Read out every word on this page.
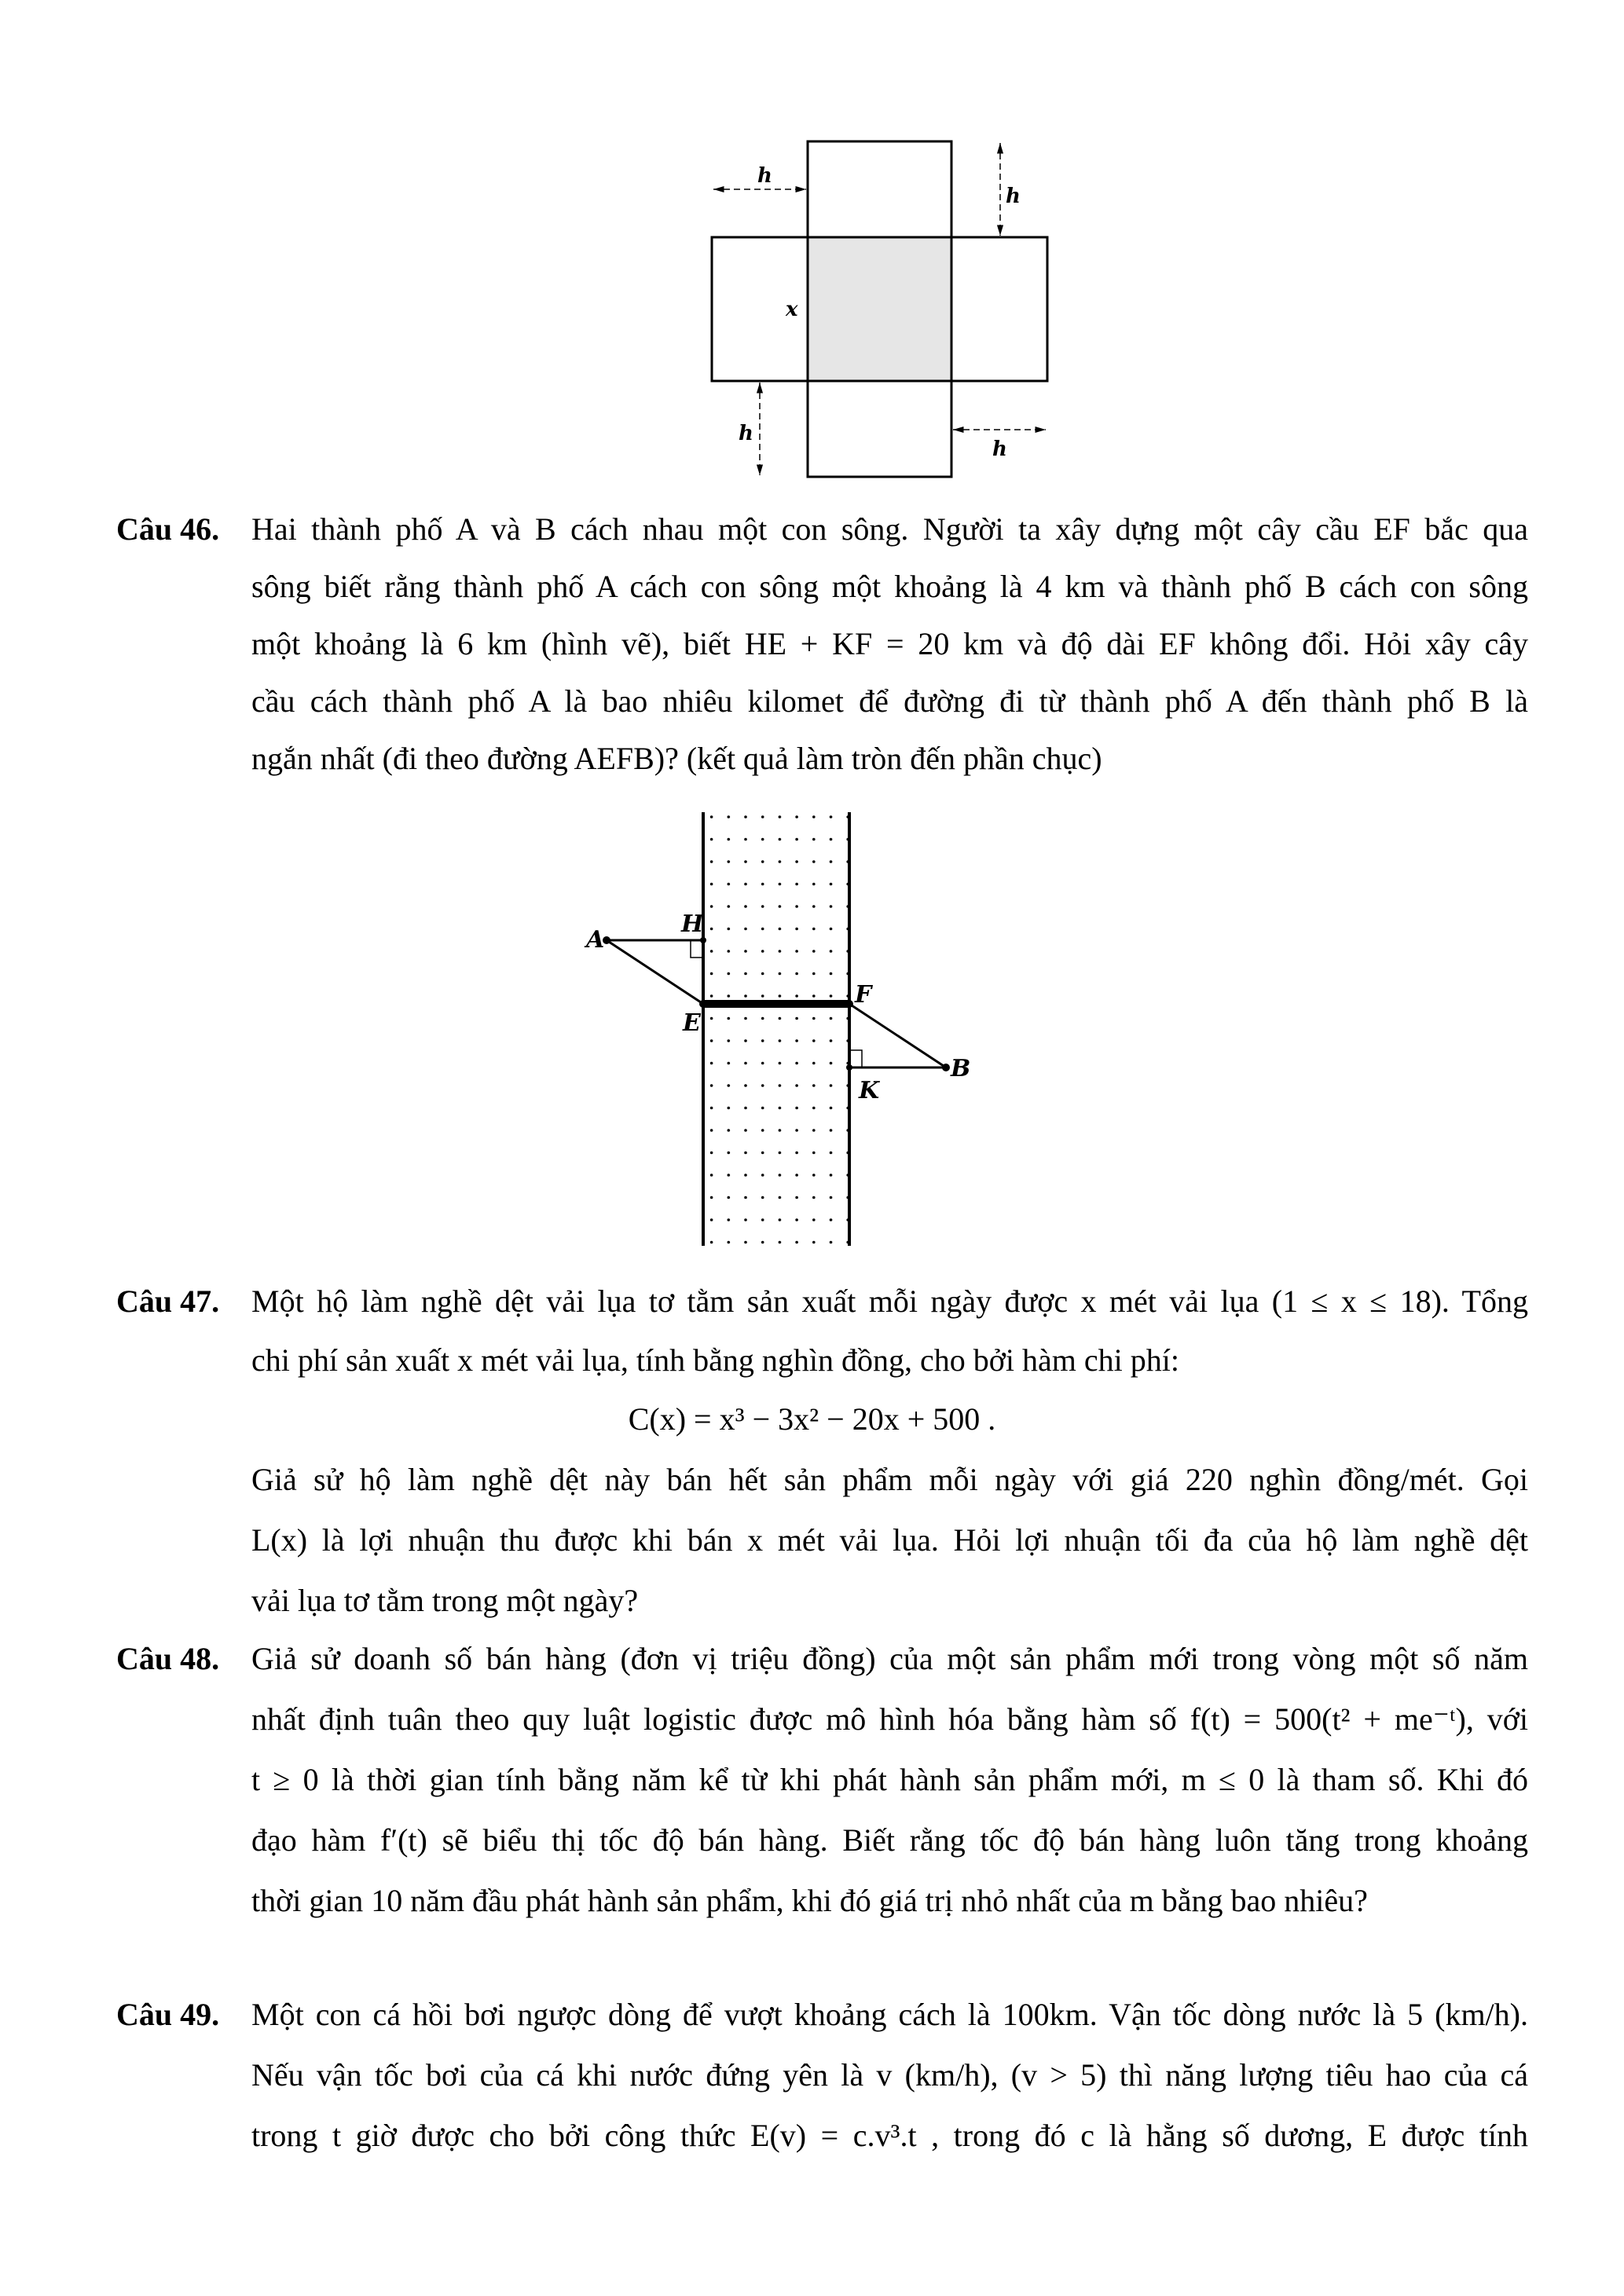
h
h
x
h
h
Câu 46. Hai thành phố A và B cách nhau một con sông. Người ta xây dựng một cây cầu EF bắc qua
sông biết rằng thành phố A cách con sông một khoảng là 4 km và thành phố B cách con sông
một khoảng là 6 km (hình vẽ), biết HE + KF = 20 km và độ dài EF không đổi. Hỏi xây cây
cầu cách thành phố A là bao nhiêu kilomet để đường đi từ thành phố A đến thành phố B là
ngắn nhất (đi theo đường AEFB)? (kết quả làm tròn đến phần chục)
A
H
E
F
K
B
Câu 47. Một hộ làm nghề dệt vải lụa tơ tằm sản xuất mỗi ngày được x mét vải lụa (1 ≤ x ≤ 18). Tổng
chi phí sản xuất x mét vải lụa, tính bằng nghìn đồng, cho bởi hàm chi phí:
C(x) = x³ − 3x² − 20x + 500 .
Giả sử hộ làm nghề dệt này bán hết sản phẩm mỗi ngày với giá 220 nghìn đồng/mét. Gọi
L(x) là lợi nhuận thu được khi bán x mét vải lụa. Hỏi lợi nhuận tối đa của hộ làm nghề dệt
vải lụa tơ tằm trong một ngày?
Câu 48. Giả sử doanh số bán hàng (đơn vị triệu đồng) của một sản phẩm mới trong vòng một số năm
nhất định tuân theo quy luật logistic được mô hình hóa bằng hàm số f(t) = 500(t² + me⁻ᵗ), với
t ≥ 0 là thời gian tính bằng năm kể từ khi phát hành sản phẩm mới, m ≤ 0 là tham số. Khi đó
đạo hàm f′(t) sẽ biểu thị tốc độ bán hàng. Biết rằng tốc độ bán hàng luôn tăng trong khoảng
thời gian 10 năm đầu phát hành sản phẩm, khi đó giá trị nhỏ nhất của m bằng bao nhiêu?
Câu 49. Một con cá hồi bơi ngược dòng để vượt khoảng cách là 100km. Vận tốc dòng nước là 5 (km/h).
Nếu vận tốc bơi của cá khi nước đứng yên là v (km/h), (v > 5) thì năng lượng tiêu hao của cá
trong t giờ được cho bởi công thức E(v) = c.v³.t , trong đó c là hằng số dương, E được tính
